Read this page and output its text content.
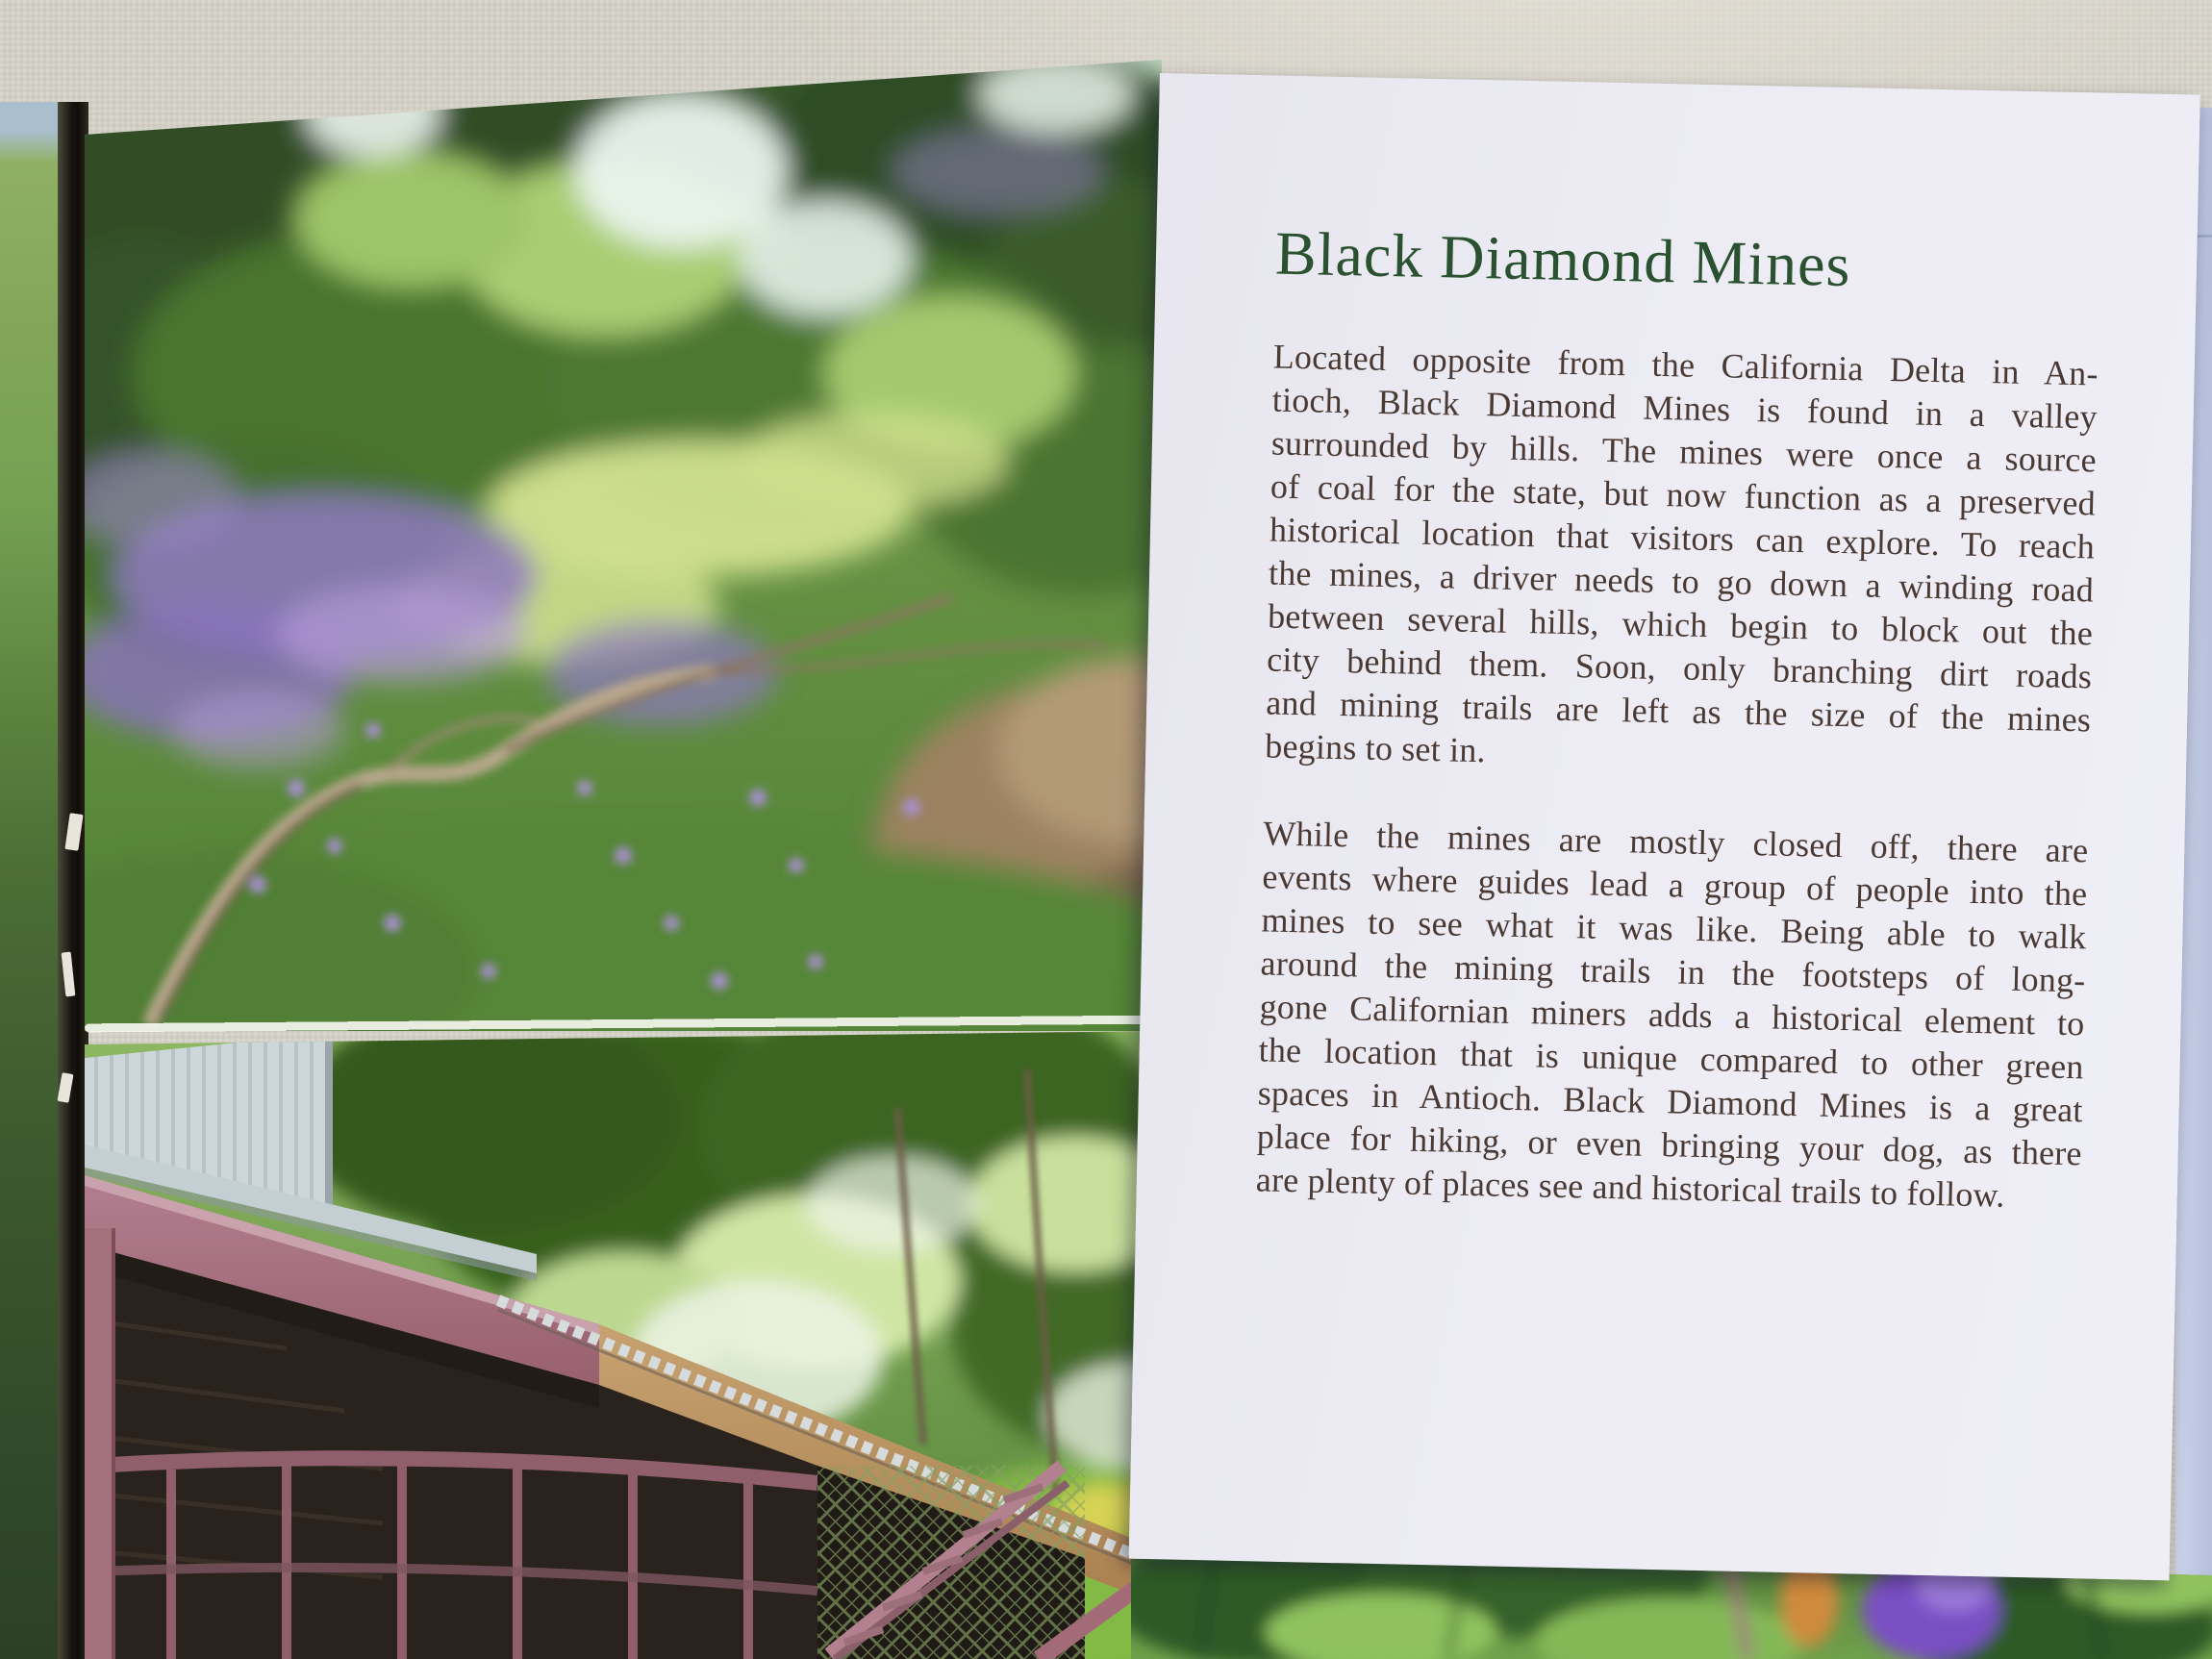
Black Diamond Mines
Located opposite from the California Delta in An-
tioch, Black Diamond Mines is found in a valley
surrounded by hills. The mines were once a source
of coal for the state, but now function as a preserved
historical location that visitors can explore. To reach
the mines, a driver needs to go down a winding road
between several hills, which begin to block out the
city behind them. Soon, only branching dirt roads
and mining trails are left as the size of the mines
begins to set in.
While the mines are mostly closed off, there are
events where guides lead a group of people into the
mines to see what it was like. Being able to walk
around the mining trails in the footsteps of long-
gone Californian miners adds a historical element to
the location that is unique compared to other green
spaces in Antioch. Black Diamond Mines is a great
place for hiking, or even bringing your dog, as there
are plenty of places see and historical trails to follow.
